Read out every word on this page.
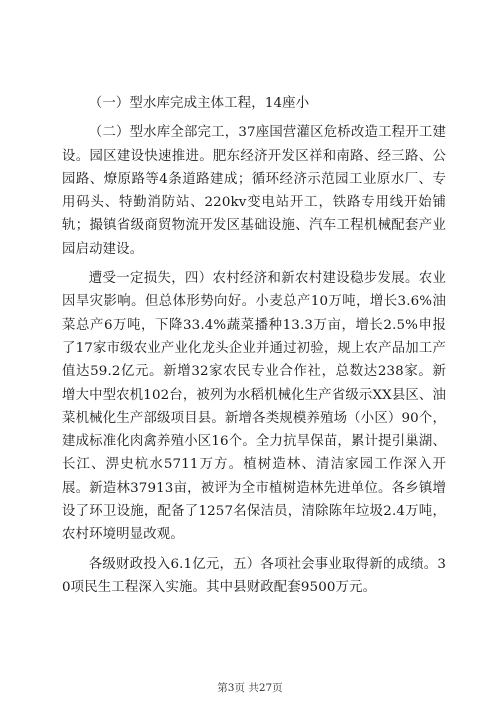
（一）型水库完成主体工程，14座小

（二）型水库全部完工，37座国营灌区危桥改造工程开工建设。园区建设快速推进。肥东经济开发区祥和南路、经三路、公园路、燎原路等4条道路建成；循环经济示范园工业原水厂、专用码头、特勤消防站、220kv变电站开工，铁路专用线开始铺轨；撮镇省级商贸物流开发区基础设施、汽车工程机械配套产业园启动建设。

遭受一定损失，四）农村经济和新农村建设稳步发展。农业因旱灾影响。但总体形势向好。小麦总产10万吨，增长3.6%油菜总产6万吨，下降33.4%蔬菜播种13.3万亩，增长2.5%申报了17家市级农业产业化龙头企业并通过初验，规上农产品加工产值达59.2亿元。新增32家农民专业合作社，总数达238家。新增大中型农机102台，被列为水稻机械化生产省级示XX县区、油菜机械化生产部级项目县。新增各类规模养殖场（小区）90个，建成标准化肉禽养殖小区16个。全力抗旱保苗，累计提引巢湖、长江、淠史杭水5711万方。植树造林、清洁家园工作深入开展。新造林37913亩，被评为全市植树造林先进单位。各乡镇增设了环卫设施，配备了1257名保洁员，清除陈年垃圾2.4万吨，农村环境明显改观。

各级财政投入6.1亿元，五）各项社会事业取得新的成绩。30项民生工程深入实施。其中县财政配套9500万元。

第3页 共27页
